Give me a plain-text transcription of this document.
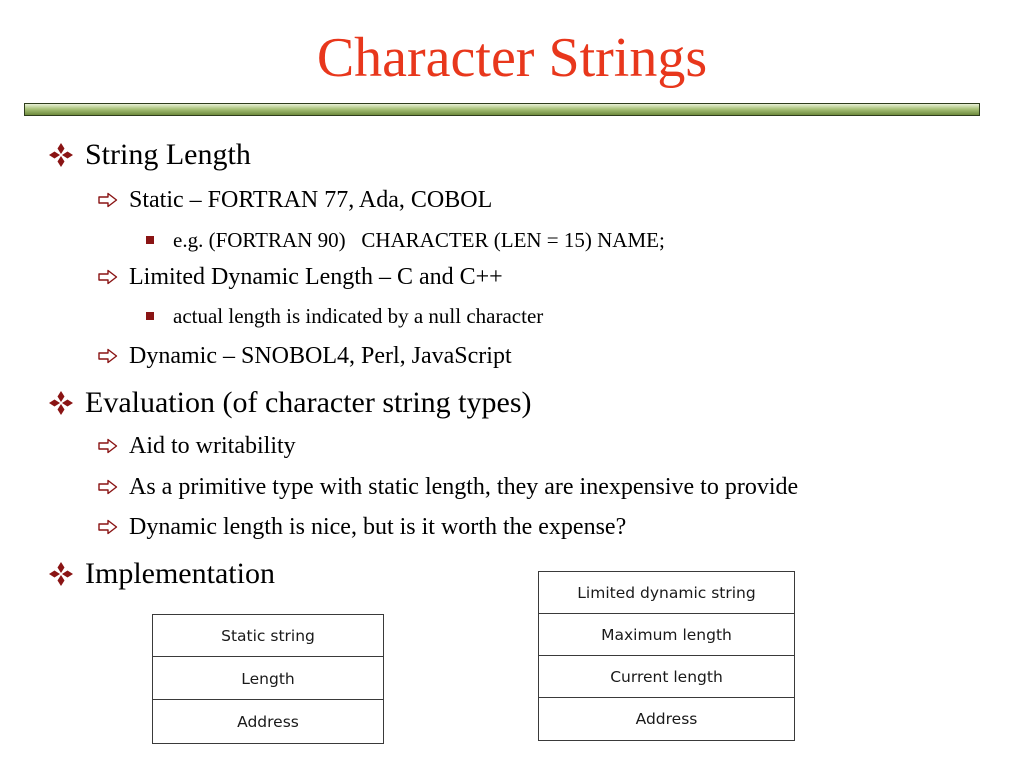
Character Strings
String Length
Static – FORTRAN 77, Ada, COBOL
e.g. (FORTRAN 90)   CHARACTER (LEN = 15) NAME;
Limited Dynamic Length – C and C++
actual length is indicated by a null character
Dynamic – SNOBOL4, Perl, JavaScript
Evaluation (of character string types)
Aid to writability
As a primitive type with static length, they are inexpensive to provide
Dynamic length is nice, but is it worth the expense?
Implementation
Static string
Length
Address
Limited dynamic string
Maximum length
Current length
Address
